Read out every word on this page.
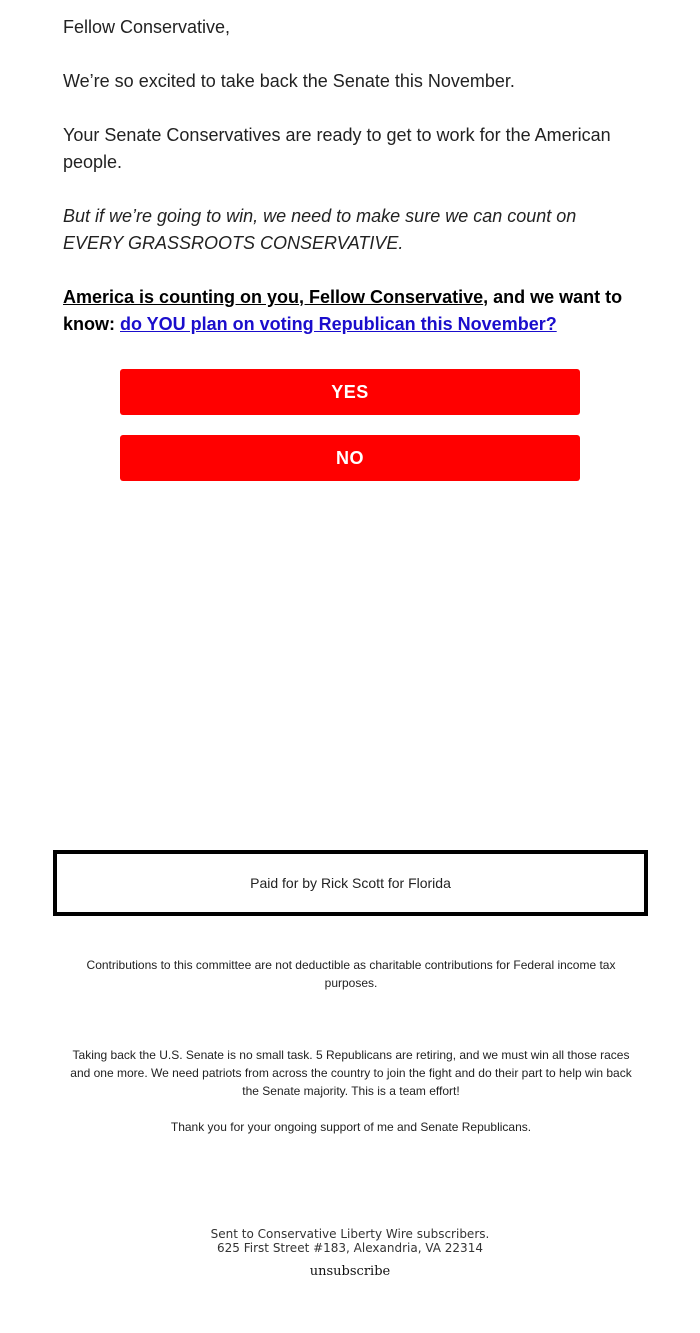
Fellow Conservative,

We’re so excited to take back the Senate this November.

Your Senate Conservatives are ready to get to work for the American people.

But if we’re going to win, we need to make sure we can count on EVERY GRASSROOTS CONSERVATIVE.

America is counting on you, Fellow Conservative, and we want to know: do YOU plan on voting Republican this November?

YES
NO
Paid for by Rick Scott for Florida
Contributions to this committee are not deductible as charitable contributions for Federal income tax purposes.
Taking back the U.S. Senate is no small task. 5 Republicans are retiring, and we must win all those races and one more. We need patriots from across the country to join the fight and do their part to help win back the Senate majority. This is a team effort!
Thank you for your ongoing support of me and Senate Republicans.
Sent to Conservative Liberty Wire subscribers.
625 First Street #183, Alexandria, VA 22314
unsubscribe
